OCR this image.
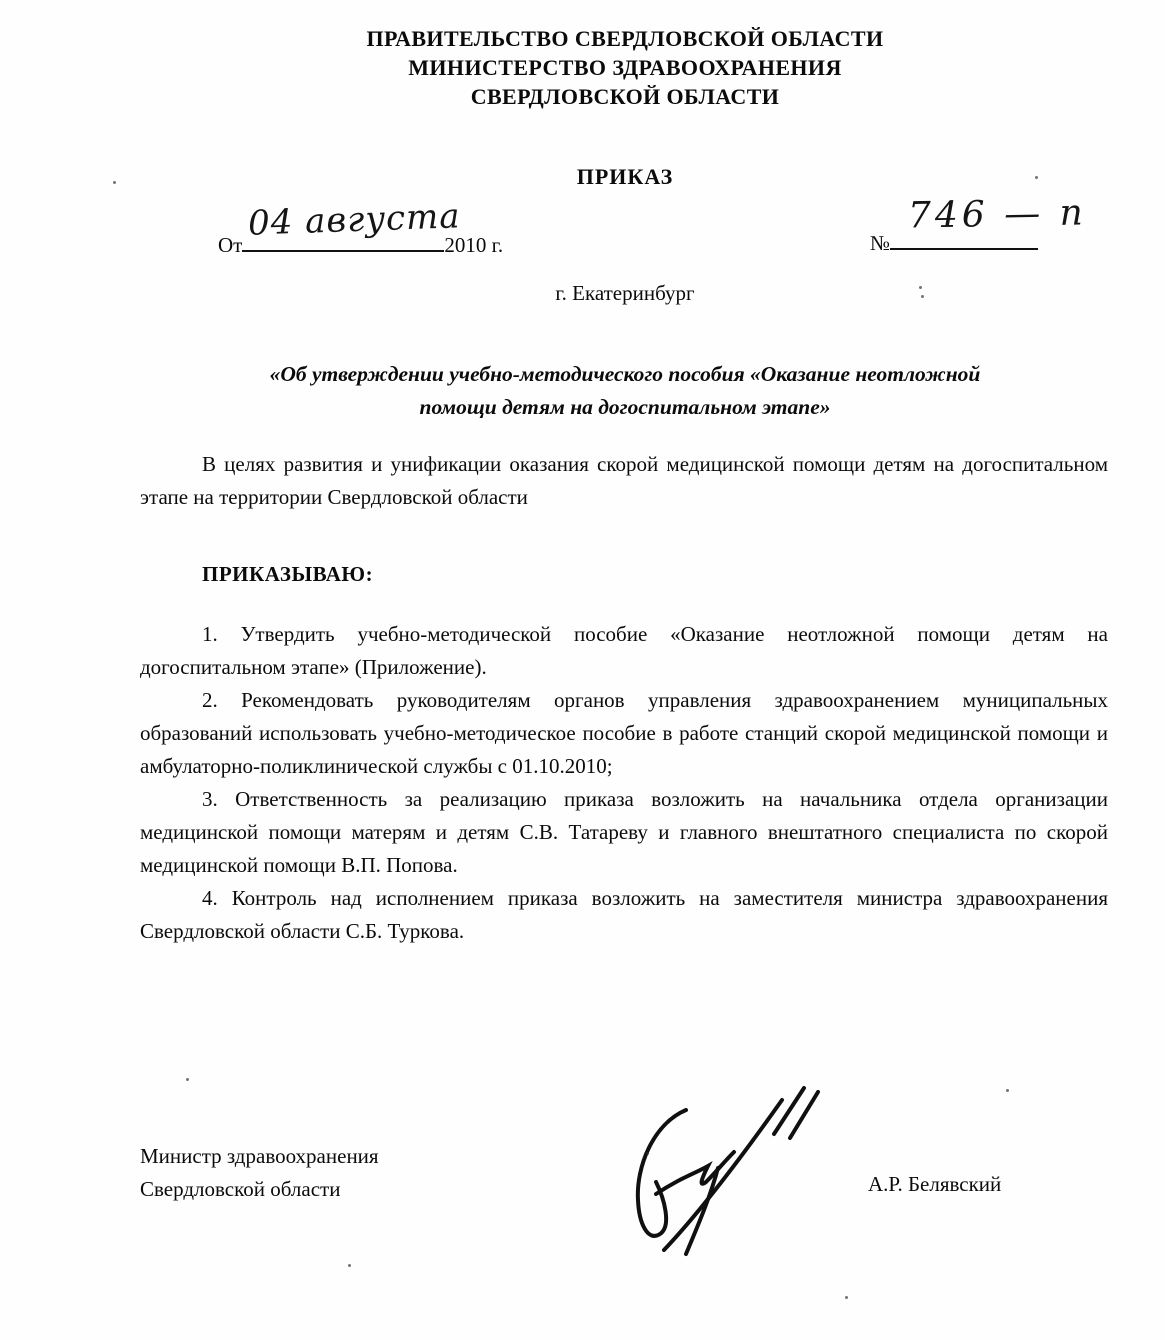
ПРАВИТЕЛЬСТВО СВЕРДЛОВСКОЙ ОБЛАСТИ
МИНИСТЕРСТВО ЗДРАВООХРАНЕНИЯ
СВЕРДЛОВСКОЙ ОБЛАСТИ
ПРИКАЗ
От
04 августа
2010 г.	№
746 — п
г. Екатеринбург
«Об утверждении учебно-методического пособия «Оказание неотложной
помощи детям на догоспитальном этапе»
В целях развития и унификации оказания скорой медицинской помощи детям на догоспитальном этапе на территории Свердловской области
ПРИКАЗЫВАЮ:

1. Утвердить учебно-методической пособие «Оказание неотложной помощи детям на догоспитальном этапе» (Приложение).

2. Рекомендовать руководителям органов управления здравоохранением муниципальных образований использовать учебно-методическое пособие в работе станций скорой медицинской помощи и амбулаторно-поликлинической службы с 01.10.2010;

3. Ответственность за реализацию приказа возложить на начальника отдела организации медицинской помощи матерям и детям С.В. Татареву и главного внештатного специалиста по скорой медицинской помощи В.П. Попова.

4. Контроль над исполнением приказа возложить на заместителя министра здравоохранения Свердловской области С.Б. Туркова.

Министр здравоохранения
Свердловской области	А.Р. Белявский
